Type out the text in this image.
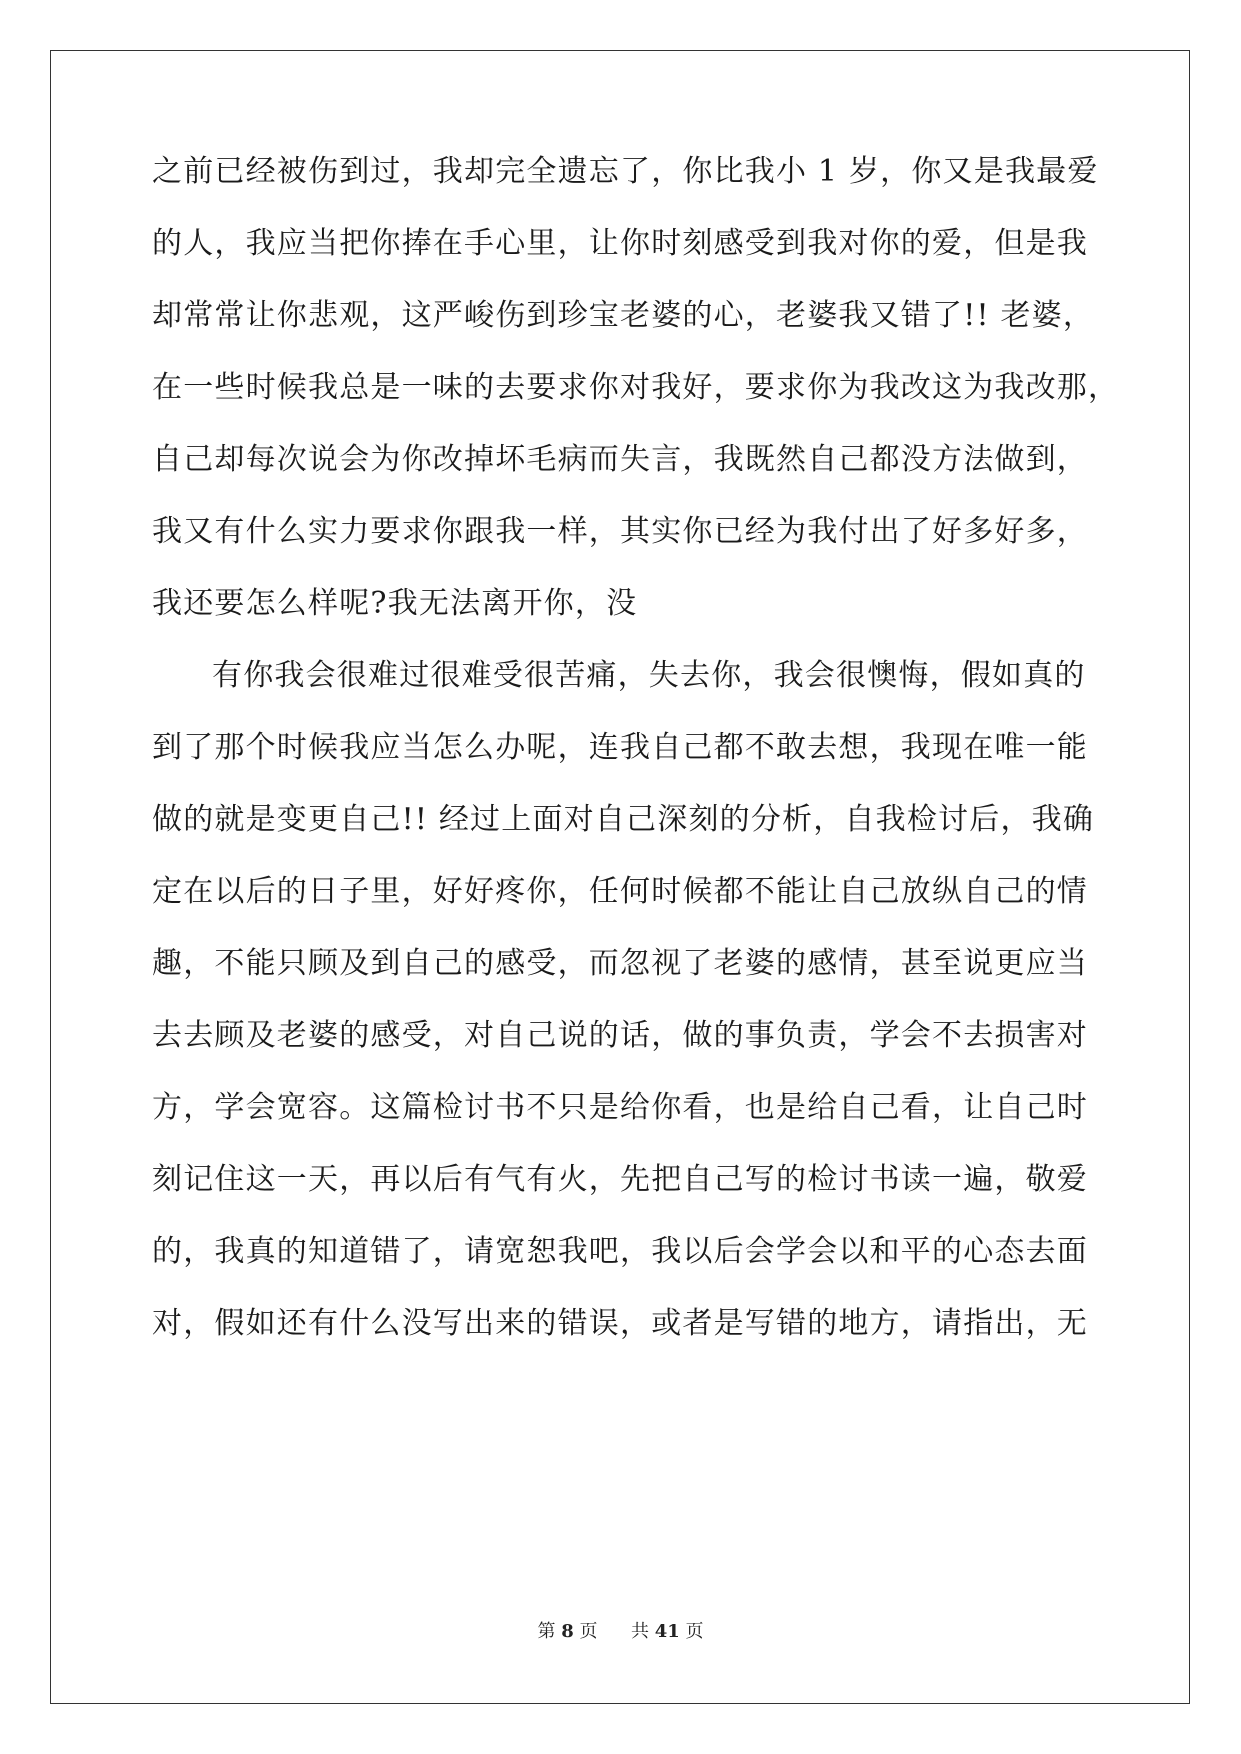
之前已经被伤到过，我却完全遗忘了，你比我小 1 岁，你又是我最爱
的人，我应当把你捧在手心里，让你时刻感受到我对你的爱，但是我
却常常让你悲观，这严峻伤到珍宝老婆的心，老婆我又错了!! 老婆，
在一些时候我总是一味的去要求你对我好，要求你为我改这为我改那，
自己却每次说会为你改掉坏毛病而失言，我既然自己都没方法做到，
我又有什么实力要求你跟我一样，其实你已经为我付出了好多好多，
我还要怎么样呢?我无法离开你，没
有你我会很难过很难受很苦痛，失去你，我会很懊悔，假如真的
到了那个时候我应当怎么办呢，连我自己都不敢去想，我现在唯一能
做的就是变更自己!! 经过上面对自己深刻的分析，自我检讨后，我确
定在以后的日子里，好好疼你，任何时候都不能让自己放纵自己的情
趣，不能只顾及到自己的感受，而忽视了老婆的感情，甚至说更应当
去去顾及老婆的感受，对自己说的话，做的事负责，学会不去损害对
方，学会宽容。这篇检讨书不只是给你看，也是给自己看，让自己时
刻记住这一天，再以后有气有火，先把自己写的检讨书读一遍，敬爱
的，我真的知道错了，请宽恕我吧，我以后会学会以和平的心态去面
对，假如还有什么没写出来的错误，或者是写错的地方，请指出，无
第 8 页 共 41 页
